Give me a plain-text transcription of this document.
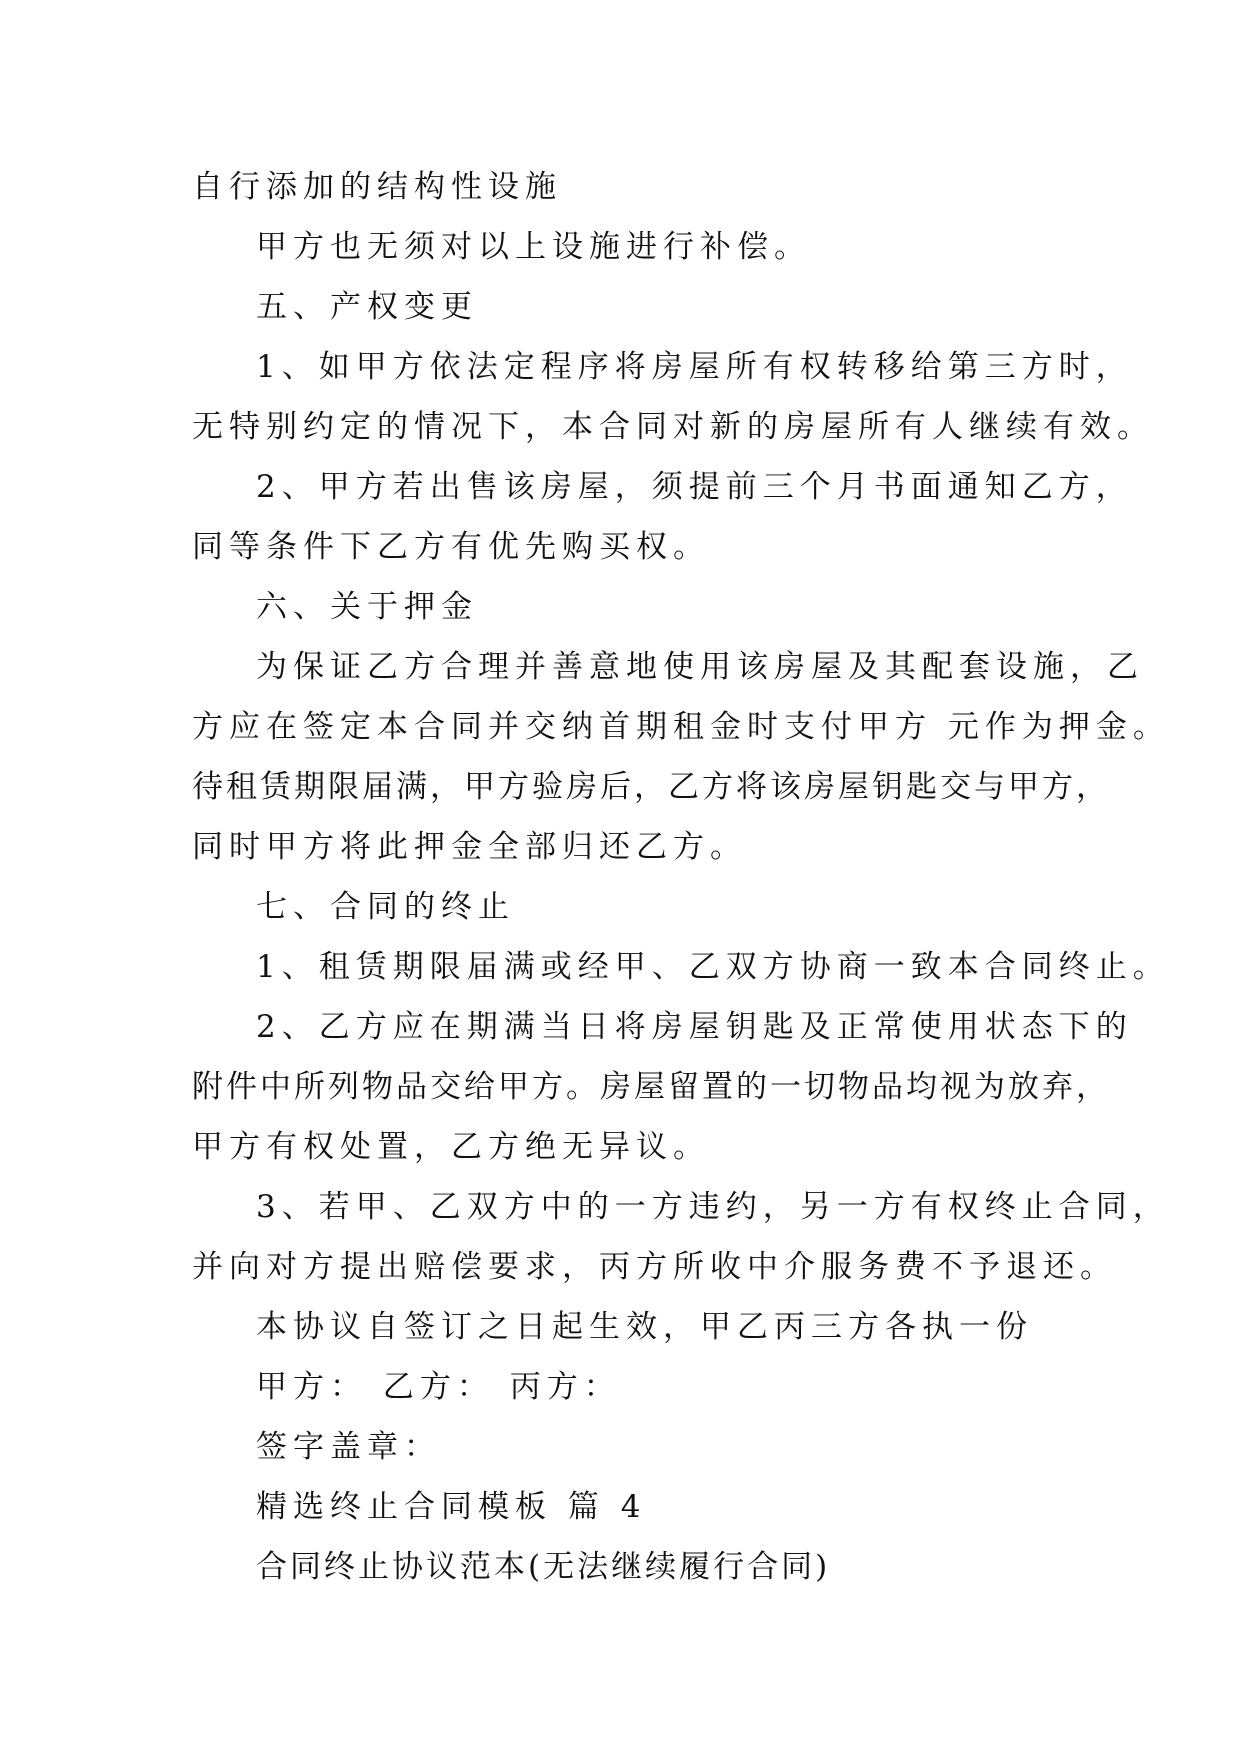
自行添加的结构性设施
甲方也无须对以上设施进行补偿。
五、产权变更
1、如甲方依法定程序将房屋所有权转移给第三方时，
无特别约定的情况下，本合同对新的房屋所有人继续有效。
2、甲方若出售该房屋，须提前三个月书面通知乙方，
同等条件下乙方有优先购买权。
六、关于押金
为保证乙方合理并善意地使用该房屋及其配套设施，乙
方应在签定本合同并交纳首期租金时支付甲方 元作为押金。
待租赁期限届满，甲方验房后，乙方将该房屋钥匙交与甲方，
同时甲方将此押金全部归还乙方。
七、合同的终止
1、租赁期限届满或经甲、乙双方协商一致本合同终止。
2、乙方应在期满当日将房屋钥匙及正常使用状态下的
附件中所列物品交给甲方。房屋留置的一切物品均视为放弃，
甲方有权处置，乙方绝无异议。
3、若甲、乙双方中的一方违约，另一方有权终止合同，
并向对方提出赔偿要求，丙方所收中介服务费不予退还。
本协议自签订之日起生效，甲乙丙三方各执一份
甲方： 乙方： 丙方：
签字盖章：
精选终止合同模板 篇 4
合同终止协议范本(无法继续履行合同)
